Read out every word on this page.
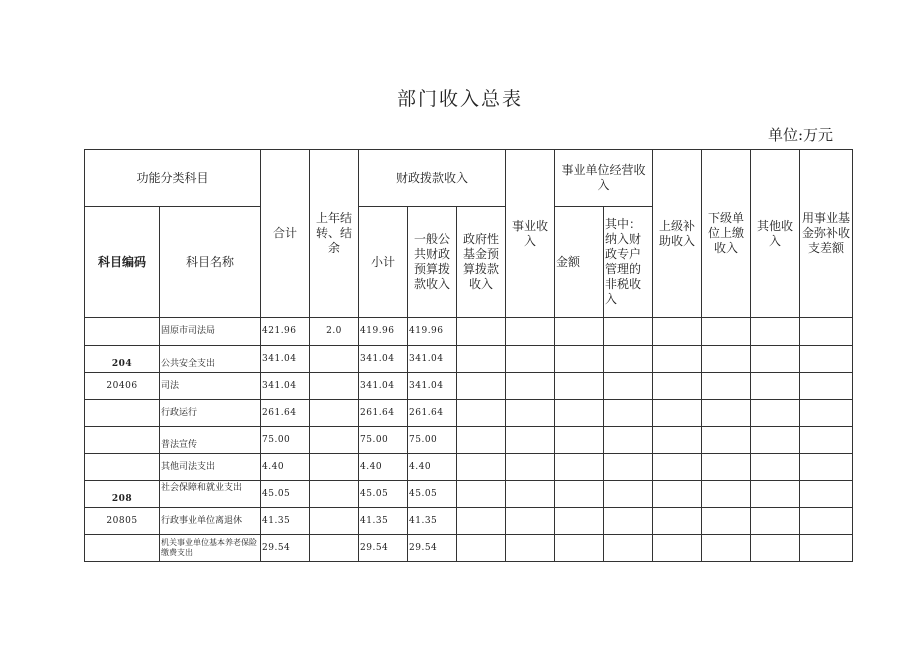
部门收入总表
单位:万元
功能分类科目		合计	上年结转、结余	财政拨款收入			事业收入	事业单位经营收入		上级补助收入	下级单位上缴收入	其他收入	用事业基金弥补收支差额
科目编码	科目名称			小计	一般公共财政预算拨款收入	政府性基金预算拨款收入		金额	其中：纳入财政专户管理的非税收入				
	固原市司法局	421.96	2.0	419.96	419.96								
204	公共安全支出	341.04		341.04	341.04								
20406	司法	341.04		341.04	341.04								
	行政运行	261.64		261.64	261.64								
	普法宣传	75.00		75.00	75.00								
	其他司法支出	4.40		4.40	4.40								
208	社会保障和就业支出	45.05		45.05	45.05								
20805	行政事业单位离退休	41.35		41.35	41.35								
	机关事业单位基本养老保险缴费支出	29.54		29.54	29.54								
